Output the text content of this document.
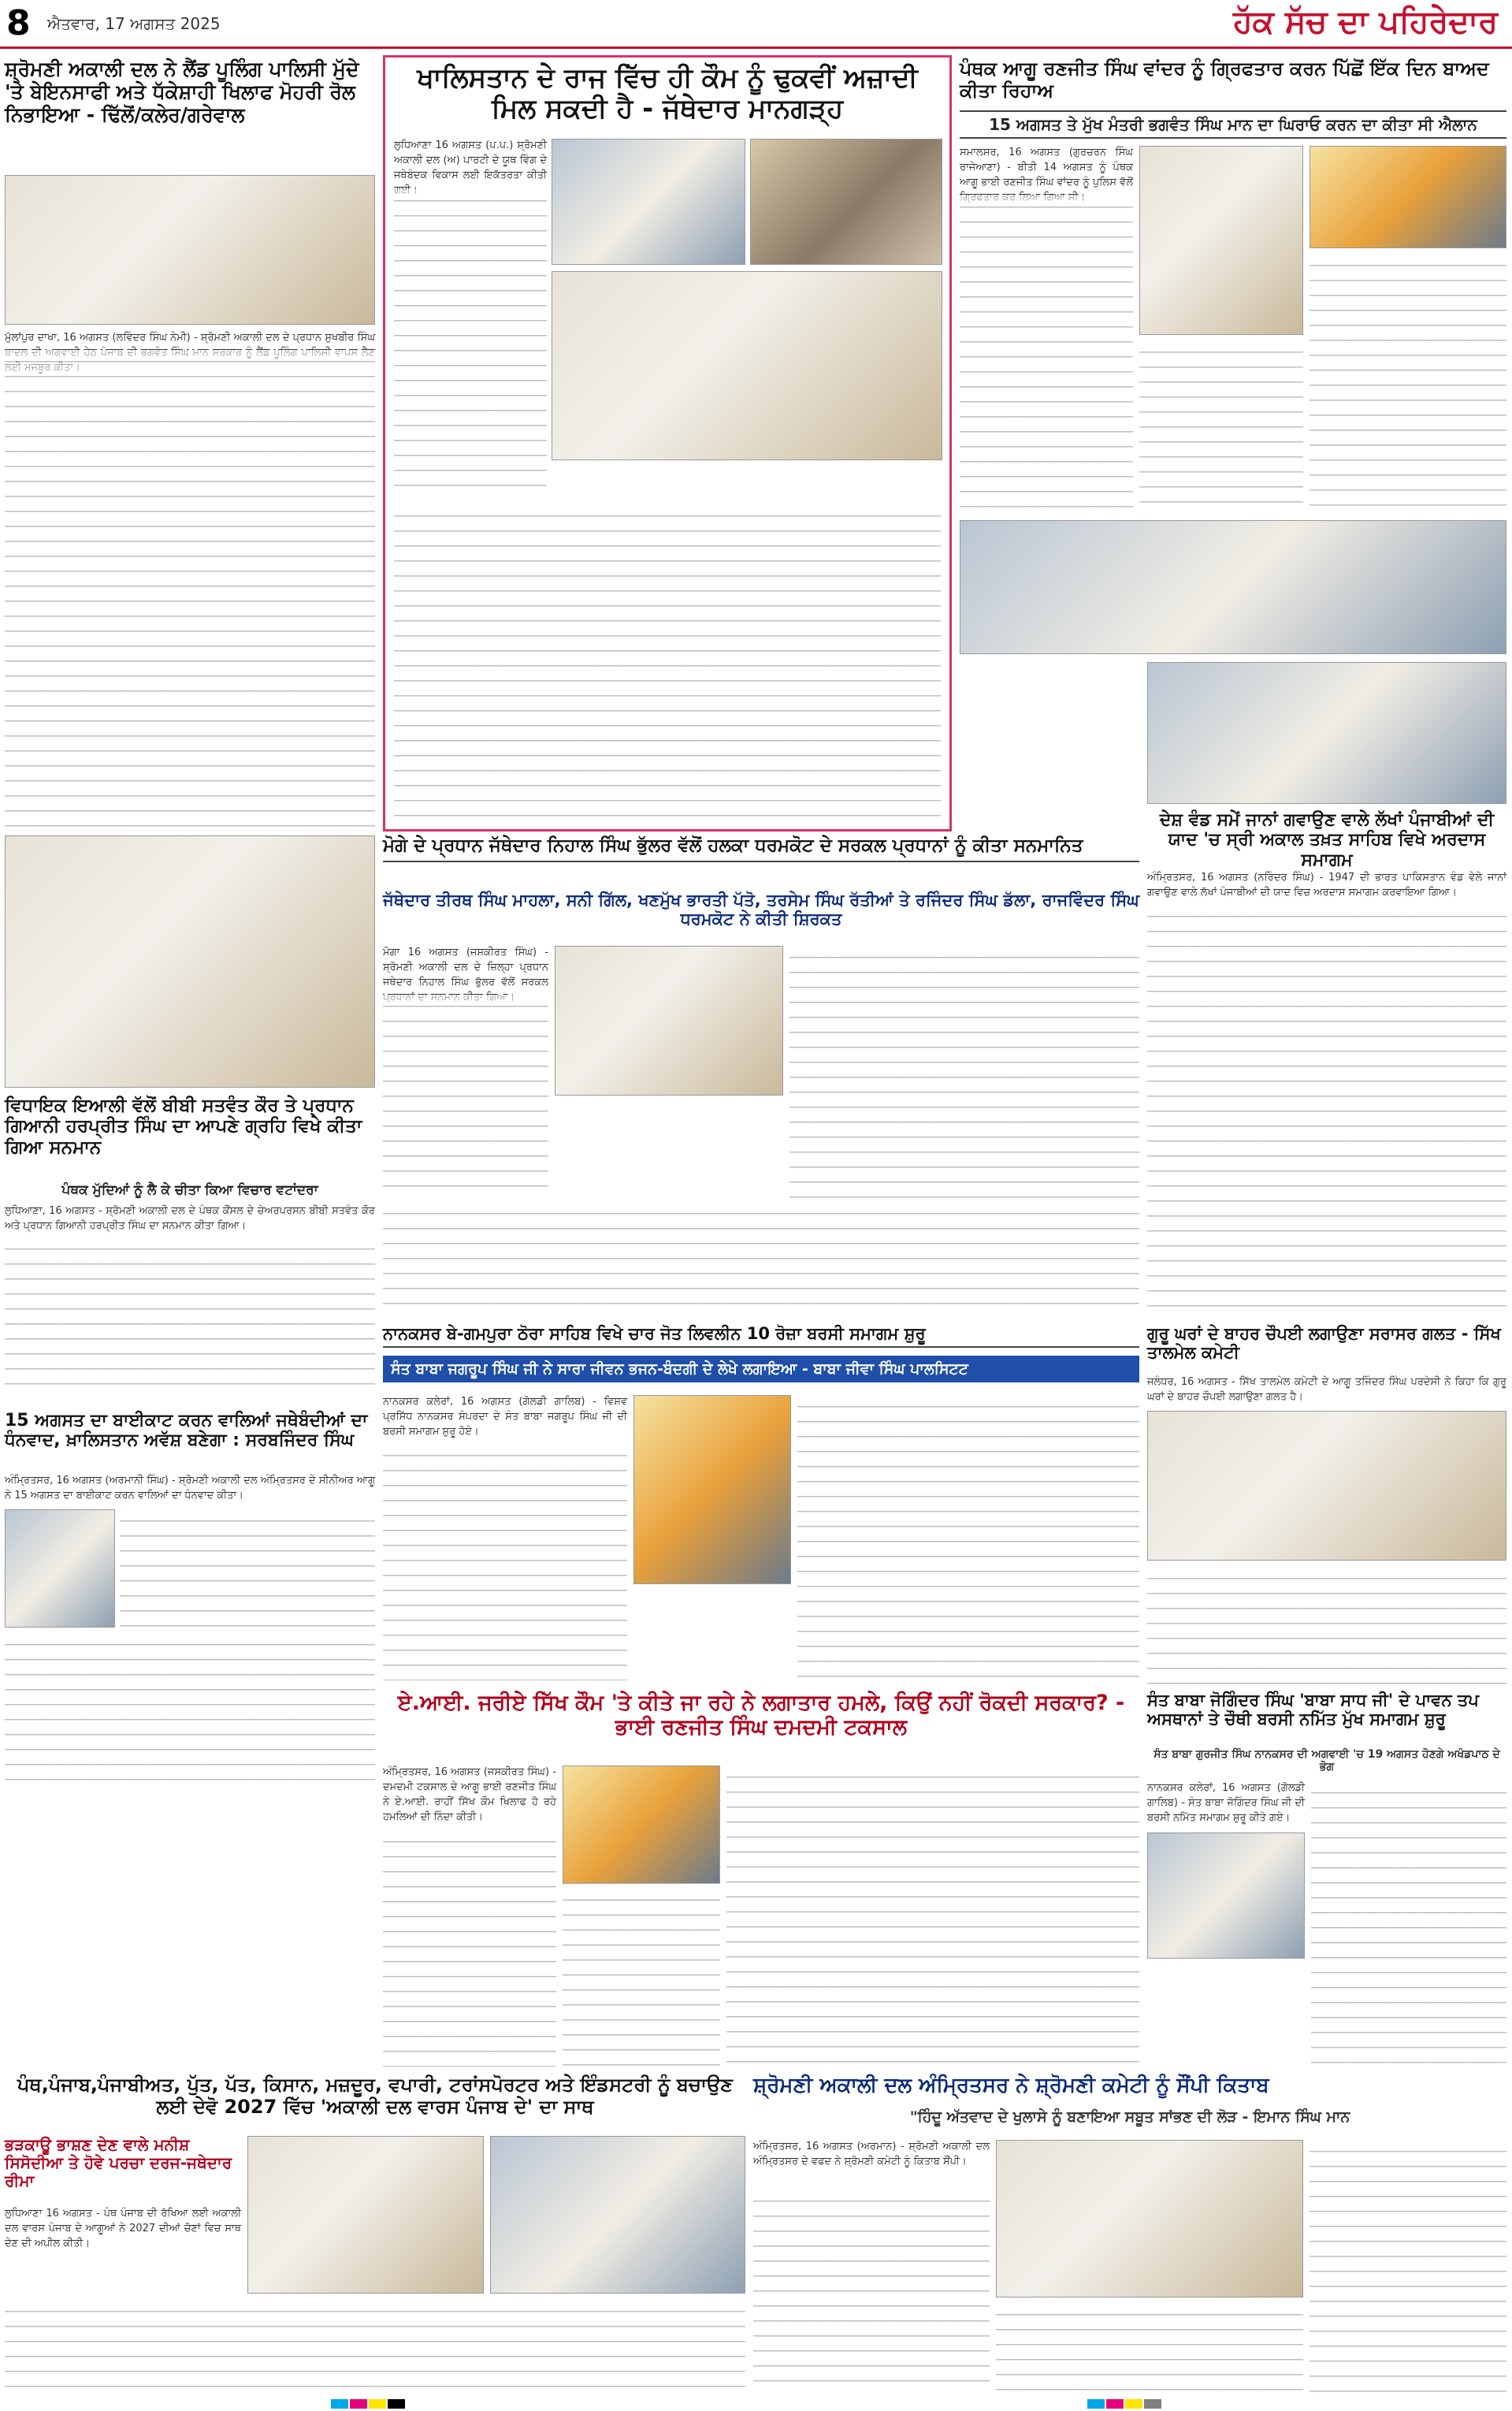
8 ਐਤਵਾਰ, 17 ਅਗਸਤ 2025	ਹੱਕ ਸੱਚ ਦਾ ਪਹਿਰੇਦਾਰ
ਸ਼੍ਰੋਮਣੀ ਅਕਾਲੀ ਦਲ ਨੇ ਲੈਂਡ ਪੂਲਿੰਗ ਪਾਲਿਸੀ ਮੁੱਦੇ 'ਤੇ ਬੇਇਨਸਾਫੀ ਅਤੇ ਧੱਕੇਸ਼ਾਹੀ ਖਿਲਾਫ ਮੋਹਰੀ ਰੋਲ ਨਿਭਾਇਆ - ਢਿੱਲੋਂ/ਕਲੇਰ/ਗਰੇਵਾਲ
ਮੁੱਲਾਂਪੁਰ ਦਾਖਾ, 16 ਅਗਸਤ (ਲਵਿੰਦਰ ਸਿੰਘ ਨੇਮੀ) - ਸ਼੍ਰੋਮਣੀ ਅਕਾਲੀ ਦਲ ਦੇ ਪ੍ਰਧਾਨ ਸੁਖਬੀਰ ਸਿੰਘ
ਖਾਲਿਸਤਾਨ ਦੇ ਰਾਜ ਵਿੱਚ ਹੀ ਕੌਮ ਨੂੰ ਢੁਕਵੀਂ ਅਜ਼ਾਦੀ ਮਿਲ ਸਕਦੀ ਹੈ - ਜੱਥੇਦਾਰ ਮਾਨਗੜ੍ਹ
ਲੁਧਿਆਣਾ 16 ਅਗਸਤ (ਪ.ਪ.) ਸ਼੍ਰੋਮਣੀ ਅਕਾਲੀ ਦਲ (ਅ) ਪਾਰਟੀ ਦੇ ਯੂਥ ਵਿੰਗ ਦੇ ਜਥੇਬੰਦਕ ਵਿਕਾਸ ਲਈ ਇਕੱਤਰਤਾ ਕੀਤੀ
ਪੰਥਕ ਆਗੂ ਰਣਜੀਤ ਸਿੰਘ ਵਾਂਦਰ ਨੂੰ ਗ੍ਰਿਫਤਾਰ ਕਰਨ ਪਿੱਛੋਂ ਇੱਕ ਦਿਨ ਬਾਅਦ ਕੀਤਾ ਰਿਹਾਅ
15 ਅਗਸਤ ਤੇ ਮੁੱਖ ਮੰਤਰੀ ਭਗਵੰਤ ਸਿੰਘ ਮਾਨ ਦਾ ਘਿਰਾਓ ਕਰਨ ਦਾ ਕੀਤਾ ਸੀ ਐਲਾਨ
ਸਮਾਲਸਰ, 16 ਅਗਸਤ (ਗੁਰਚਰਨ ਸਿੰਘ ਰਾਜੇਆਣਾ) - ਬੀਤੀ 14 ਅਗਸਤ ਨੂੰ ਪੰਥਕ ਆਗੂ ਭਾਈ ਰਣਜੀਤ ਸਿੰਘ ਵਾਂਦਰ ਨੂੰ ਪੁਲਿਸ ਵੱਲੋਂ
ਮੋਗੇ ਦੇ ਪ੍ਰਧਾਨ ਜੱਥੇਦਾਰ ਨਿਹਾਲ ਸਿੰਘ ਭੁੱਲਰ ਵੱਲੋਂ ਹਲਕਾ ਧਰਮਕੋਟ ਦੇ ਸਰਕਲ ਪ੍ਰਧਾਨਾਂ ਨੂੰ ਕੀਤਾ ਸਨਮਾਨਿਤ
ਜੱਥੇਦਾਰ ਤੀਰਥ ਸਿੰਘ ਮਾਹਲਾ, ਸਨੀ ਗਿੱਲ, ਖਣਮੁੱਖ ਭਾਰਤੀ ਪੱਤੋ, ਤਰਸੇਮ ਸਿੰਘ ਰੱਤੀਆਂ ਤੇ ਰਜਿੰਦਰ ਸਿੰਘ ਡੱਲਾ, ਰਾਜਵਿੰਦਰ ਸਿੰਘ ਧਰਮਕੋਟ ਨੇ ਕੀਤੀ ਸ਼ਿਰਕਤ
ਮੋਗਾ 16 ਅਗਸਤ (ਜਸ਼ਕੀਰਤ ਸਿੰਘ) - ਸ਼੍ਰੋਮਣੀ ਅਕਾਲੀ ਦਲ ਦੇ ਜ਼ਿਲ੍ਹਾ ਪ੍ਰਧਾਨ ਜਥੇਦਾਰ ਨਿਹਾਲ ਸਿੰਘ ਭੁੱਲਰ ਵੱਲੋਂ ਸਰਕਲ
ਵਿਧਾਇਕ ਇਆਲੀ ਵੱਲੋਂ ਬੀਬੀ ਸਤਵੰਤ ਕੌਰ ਤੇ ਪ੍ਰਧਾਨ ਗਿਆਨੀ ਹਰਪ੍ਰੀਤ ਸਿੰਘ ਦਾ ਆਪਣੇ ਗ੍ਰਹਿ ਵਿਖੇ ਕੀਤਾ ਗਿਆ ਸਨਮਾਨ
ਪੰਥਕ ਮੁੱਦਿਆਂ ਨੂੰ ਲੈ ਕੇ ਚੀਤਾ ਕਿਆ ਵਿਚਾਰ ਵਟਾਂਦਰਾ
ਲੁਧਿਆਣਾ, 16 ਅਗਸਤ - ਸ਼੍ਰੋਮਣੀ ਅਕਾਲੀ ਦਲ ਦੇ ਪੰਥਕ ਕੌਂਸਲ ਦੇ ਚੇਅਰਪਰਸਨ ਬੀਬੀ ਸਤਵੰਤ ਕੌਰ ਅਤੇ ਪ੍ਰਧਾਨ ਗਿਆਨੀ ਹਰਪ੍ਰੀਤ ਸਿੰਘ ਦਾ ਸਨਮਾਨ ਕੀਤਾ ਗਿਆ।
ਦੇਸ਼ ਵੰਡ ਸਮੇਂ ਜਾਨਾਂ ਗਵਾਉਣ ਵਾਲੇ ਲੱਖਾਂ ਪੰਜਾਬੀਆਂ ਦੀ ਯਾਦ 'ਚ ਸ੍ਰੀ ਅਕਾਲ ਤਖ਼ਤ ਸਾਹਿਬ ਵਿਖੇ ਅਰਦਾਸ ਸਮਾਗਮ
ਅੰਮ੍ਰਿਤਸਰ, 16 ਅਗਸਤ (ਨਰਿੰਦਰ ਸਿੰਘ) - 1947 ਦੀ ਭਾਰਤ ਪਾਕਿਸਤਾਨ ਵੰਡ ਵੇਲੇ ਜਾਨਾਂ ਗਵਾਉਣ ਵਾਲੇ ਲੱਖਾਂ ਪੰਜਾਬੀਆਂ ਦੀ ਯਾਦ ਵਿਚ ਅਰਦਾਸ ਸਮਾਗਮ ਕਰਵਾਇਆ ਗਿਆ।
ਨਾਨਕਸਰ ਬੇ-ਗਮਪੁਰਾ ਠੋਰਾ ਸਾਹਿਬ ਵਿਖੇ ਚਾਰ ਜੋਤ ਲਿਵਲੀਨ 10 ਰੋਜ਼ਾ ਬਰਸੀ ਸਮਾਗਮ ਸ਼ੁਰੂ
ਸੰਤ ਬਾਬਾ ਜਗਰੂਪ ਸਿੰਘ ਜੀ ਨੇ ਸਾਰਾ ਜੀਵਨ ਭਜਨ-ਬੰਦਗੀ ਦੇ ਲੇਖੇ ਲਗਾਇਆ - ਬਾਬਾ ਜੀਵਾ ਸਿੰਘ ਪਾਲਸਿਟਟ
ਨਾਨਕਸਰ ਕਲੇਰਾਂ, 16 ਅਗਸਤ (ਗੋਲਡੀ ਗਾਲਿਬ) - ਵਿਸ਼ਵ ਪ੍ਰਸਿੱਧ ਨਾਨਕਸਰ ਸੰਪਰਦਾ ਦੇ ਸੰਤ ਬਾਬਾ ਜਗਰੂਪ ਸਿੰਘ ਜੀ ਦੀ ਬਰਸੀ ਸਮਾਗਮ ਸ਼ੁਰੂ ਹੋਏ।
15 ਅਗਸਤ ਦਾ ਬਾਈਕਾਟ ਕਰਨ ਵਾਲਿਆਂ ਜਥੇਬੰਦੀਆਂ ਦਾ ਧੰਨਵਾਦ, ਖ਼ਾਲਿਸਤਾਨ ਅਵੱਸ਼ ਬਣੇਗਾ : ਸਰਬਜਿੰਦਰ ਸਿੰਘ
ਅੰਮ੍ਰਿਤਸਰ, 16 ਅਗਸਤ (ਅਰਮਾਨੀ ਸਿੰਘ) - ਸ਼੍ਰੋਮਣੀ ਅਕਾਲੀ ਦਲ ਅੰਮ੍ਰਿਤਸਰ ਦੇ ਸੀਨੀਅਰ ਆਗੂ ਨੇ 15 ਅਗਸਤ ਦਾ ਬਾਈਕਾਟ ਕਰਨ ਵਾਲਿਆਂ ਦਾ ਧੰਨਵਾਦ ਕੀਤਾ।
ਗੁਰੂ ਘਰਾਂ ਦੇ ਬਾਹਰ ਚੌਪਈ ਲਗਾਉਣਾ ਸਰਾਸਰ ਗਲਤ - ਸਿੱਖ ਤਾਲਮੇਲ ਕਮੇਟੀ
ਜਲੰਧਰ, 16 ਅਗਸਤ - ਸਿੱਖ ਤਾਲਮੇਲ ਕਮੇਟੀ ਦੇ ਆਗੂ ਤਜਿੰਦਰ ਸਿੰਘ ਪਰਦੇਸੀ ਨੇ ਕਿਹਾ ਕਿ ਗੁਰੂ ਘਰਾਂ ਦੇ ਬਾਹਰ ਚੌਪਈ ਲਗਾਉਣਾ ਗਲਤ ਹੈ।
ਏ.ਆਈ. ਜਰੀਏ ਸਿੱਖ ਕੌਮ 'ਤੇ ਕੀਤੇ ਜਾ ਰਹੇ ਨੇ ਲਗਾਤਾਰ ਹਮਲੇ, ਕਿਉਂ ਨਹੀਂ ਰੋਕਦੀ ਸਰਕਾਰ? - ਭਾਈ ਰਣਜੀਤ ਸਿੰਘ ਦਮਦਮੀ ਟਕਸਾਲ
ਅੰਮ੍ਰਿਤਸਰ, 16 ਅਗਸਤ (ਜਸਕੀਰਤ ਸਿੰਘ) - ਦਮਦਮੀ ਟਕਸਾਲ ਦੇ ਆਗੂ ਭਾਈ ਰਣਜੀਤ ਸਿੰਘ ਨੇ ਏ.ਆਈ. ਰਾਹੀਂ ਸਿੱਖ ਕੌਮ ਖਿਲਾਫ ਹੋ ਰਹੇ ਹਮਲਿਆਂ ਦੀ ਨਿੰਦਾ ਕੀਤੀ।
ਸੰਤ ਬਾਬਾ ਜੋਗਿੰਦਰ ਸਿੰਘ 'ਬਾਬਾ ਸਾਧ ਜੀ' ਦੇ ਪਾਵਨ ਤਪ ਅਸਥਾਨਾਂ ਤੇ ਚੌਥੀ ਬਰਸੀ ਨਮਿੱਤ ਮੁੱਖ ਸਮਾਗਮ ਸ਼ੁਰੂ
ਸੰਤ ਬਾਬਾ ਗੁਰਜੀਤ ਸਿੰਘ ਨਾਨਕਸਰ ਦੀ ਅਗਵਾਈ 'ਚ 19 ਅਗਸਤ ਹੋਣਗੇ ਅਖੰਡਪਾਠ ਦੇ ਭੋਗ
ਨਾਨਕਸਰ ਕਲੇਰਾਂ, 16 ਅਗਸਤ (ਗੋਲਡੀ ਗਾਲਿਬ) - ਸੰਤ ਬਾਬਾ ਜੋਗਿੰਦਰ ਸਿੰਘ ਜੀ ਦੀ ਬਰਸੀ ਨਮਿੱਤ ਸਮਾਗਮ ਸ਼ੁਰੂ ਕੀਤੇ ਗਏ।
ਪੰਥ,ਪੰਜਾਬ,ਪੰਜਾਬੀਅਤ, ਪੁੱਤ, ਪੱਤ, ਕਿਸਾਨ, ਮਜ਼ਦੂਰ, ਵਪਾਰੀ, ਟਰਾਂਸਪੋਰਟਰ ਅਤੇ ਇੰਡਸਟਰੀ ਨੂੰ ਬਚਾਉਣ ਲਈ ਦੇਵੋ 2027 ਵਿੱਚ 'ਅਕਾਲੀ ਦਲ ਵਾਰਸ ਪੰਜਾਬ ਦੇ' ਦਾ ਸਾਥ
ਭੜਕਾਊ ਭਾਸ਼ਣ ਦੇਣ ਵਾਲੇ ਮਨੀਸ਼ ਸਿਸੋਦੀਆ ਤੇ ਹੋਵੇ ਪਰਚਾ ਦਰਜ-ਜਥੇਦਾਰ ਰੀਮਾ
ਲੁਧਿਆਣਾ 16 ਅਗਸਤ - ਪੰਥ ਪੰਜਾਬ ਦੀ ਰੱਖਿਆ ਲਈ ਅਕਾਲੀ ਦਲ ਵਾਰਸ ਪੰਜਾਬ ਦੇ ਆਗੂਆਂ ਨੇ 2027 ਦੀਆਂ ਚੋਣਾਂ ਵਿਚ ਸਾਥ ਦੇਣ ਦੀ ਅਪੀਲ ਕੀਤੀ।
ਸ਼੍ਰੋਮਣੀ ਅਕਾਲੀ ਦਲ ਅੰਮ੍ਰਿਤਸਰ ਨੇ ਸ਼੍ਰੋਮਣੀ ਕਮੇਟੀ ਨੂੰ ਸੌਂਪੀ ਕਿਤਾਬ
"ਹਿੰਦੂ ਅੱਤਵਾਦ ਦੇ ਖੁਲਾਸੇ ਨੂੰ ਬਣਾਇਆ ਸਬੂਤ ਸਾਂਭਣ ਦੀ ਲੋੜ - ਇਮਾਨ ਸਿੰਘ ਮਾਨ
ਅੰਮ੍ਰਿਤਸਰ, 16 ਅਗਸਤ (ਅਰਮਾਨ) - ਸ਼੍ਰੋਮਣੀ ਅਕਾਲੀ ਦਲ ਅੰਮ੍ਰਿਤਸਰ ਦੇ ਵਫਦ ਨੇ ਸ਼੍ਰੋਮਣੀ ਕਮੇਟੀ ਨੂੰ ਕਿਤਾਬ ਸੌਂਪੀ।
